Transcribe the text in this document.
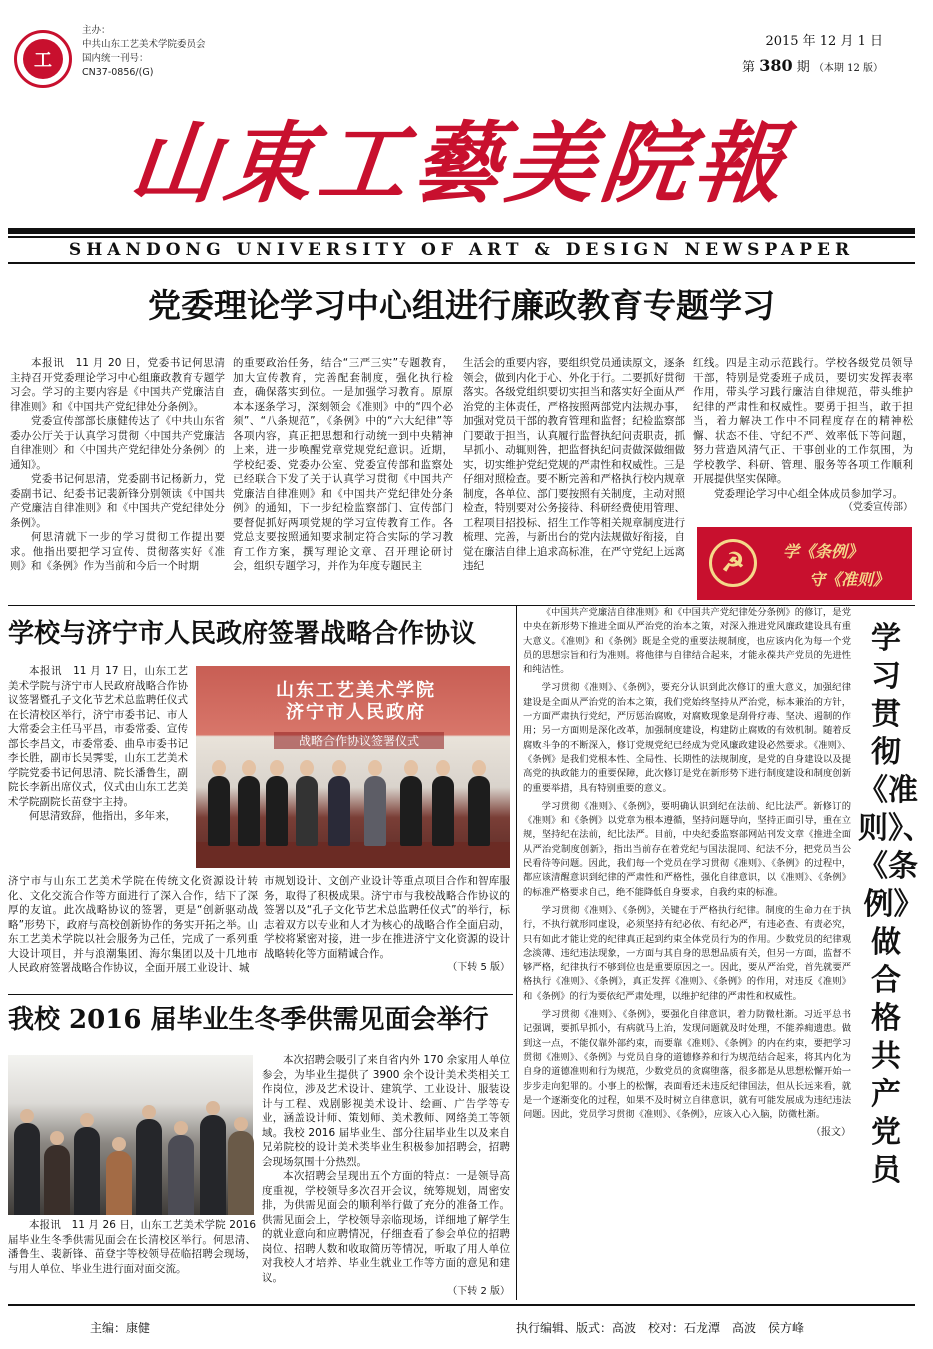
工
主办：
中共山东工艺美术学院委员会
国内统一刊号：
CN37-0856/(G)
2015 年 12 月 1 日
第 380 期 （本期 12 版）
山東工藝美院報
SHANDONG UNIVERSITY OF ART & DESIGN NEWSPAPER
党委理论学习中心组进行廉政教育专题学习

本报讯　11 月 20 日，党委书记何思清主持召开党委理论学习中心组廉政教育专题学习会。学习的主要内容是《中国共产党廉洁自律准则》和《中国共产党纪律处分条例》。

党委宣传部部长康健传达了《中共山东省委办公厅关于认真学习贯彻〈中国共产党廉洁自律准则〉和〈中国共产党纪律处分条例〉的通知》。

党委书记何思清，党委副书记杨新力，党委副书记、纪委书记裴新锋分别领读《中国共产党廉洁自律准则》和《中国共产党纪律处分条例》。

何思清就下一步的学习贯彻工作提出要求。他指出要把学习宣传、贯彻落实好《准则》和《条例》作为当前和今后一个时期

的重要政治任务，结合“三严三实”专题教育，加大宣传教育，完善配套制度，强化执行检查，确保落实到位。一是加强学习教育。原原本本逐条学习，深刻领会《准则》中的“四个必须”、“八条规范”，《条例》中的“六大纪律”等各项内容，真正把思想和行动统一到中央精神上来，进一步唤醒党章党规党纪意识。近期，学校纪委、党委办公室、党委宣传部和监察处已经联合下发了关于认真学习贯彻《中国共产党廉洁自律准则》和《中国共产党纪律处分条例》的通知，下一步纪检监察部门、宣传部门要督促抓好两项党规的学习宣传教育工作。各党总支要按照通知要求制定符合实际的学习教育工作方案，撰写理论文章、召开理论研讨会，组织专题学习，并作为年度专题民主
生活会的重要内容，要组织党员通读原文，逐条领会，做到内化于心、外化于行。二要抓好贯彻落实。各级党组织要切实担当和落实好全面从严治党的主体责任，严格按照两部党内法规办事，加强对党员干部的教育管理和监督；纪检监察部门要敢于担当，认真履行监督执纪问责职责，抓早抓小、动辄则咎，把监督执纪问责做深做细做实，切实维护党纪党规的严肃性和权威性。三是仔细对照检查。要不断完善和严格执行校内规章制度，各单位、部门要按照有关制度，主动对照检查，特别要对公务接待、科研经费使用管理、工程项目招投标、招生工作等相关规章制度进行梳理、完善，与新出台的党内法规做好衔接，自觉在廉洁自律上追求高标准，在严守党纪上远离违纪
红线。四是主动示范践行。学校各级党员领导干部，特别是党委班子成员，要切实发挥表率作用，带头学习践行廉洁自律规范，带头维护纪律的严肃性和权威性。要勇于担当，敢于担当，着力解决工作中不同程度存在的精神松懈、状态不佳、守纪不严、效率低下等问题，努力营造风清气正、干事创业的工作氛围，为学校教学、科研、管理、服务等各项工作顺利开展提供坚实保障。

党委理论学习中心组全体成员参加学习。

（党委宣传部）
☭	学《条例》
守《准则》
学校与济宁市人民政府签署战略合作协议

本报讯　11 月 17 日，山东工艺美术学院与济宁市人民政府战略合作协议签署暨孔子文化节艺术总监聘任仪式在长清校区举行，济宁市委书记、市人大常委会主任马平昌，市委常委、宣传部长李昌文，市委常委、曲阜市委书记李长胜，副市长吴霁雯，山东工艺美术学院党委书记何思清、院长潘鲁生，副院长李新出席仪式，仪式由山东工艺美术学院副院长苗登宇主持。

何思清致辞，他指出，多年来，

山东工艺美术学院
济宁市人民政府
战略合作协议签署仪式
济宁市与山东工艺美术学院在传统文化资源设计转化、文化交流合作等方面进行了深入合作，结下了深厚的友谊。此次战略协议的签署，更是“创新驱动战略”形势下，政府与高校创新协作的务实开拓之举。山东工艺美术学院以社会服务为己任，完成了一系列重大设计项目，并与浪潮集团、海尔集团以及十几地市人民政府签署战略合作协议，全面开展工业设计、城
市规划设计、文创产业设计等重点项目合作和智库服务，取得了积极成果。济宁市与我校战略合作协议的签署以及“孔子文化节艺术总监聘任仪式”的举行，标志着双方以专业和人才为核心的战略合作全面启动，学校将紧密对接，进一步在推进济宁文化资源的设计战略转化等方面精诚合作。
（下转 5 版）
我校 2016 届毕业生冬季供需见面会举行

本报讯　11 月 26 日，山东工艺美术学院 2016 届毕业生冬季供需见面会在长清校区举行。何思清、潘鲁生、裴新锋、苗登宇等校领导莅临招聘会现场，与用人单位、毕业生进行面对面交流。

本次招聘会吸引了来自省内外 170 余家用人单位参会，为毕业生提供了 3900 余个设计美术类相关工作岗位，涉及艺术设计、建筑学、工业设计、服装设计与工程、戏剧影视美术设计、绘画、广告学等专业，涵盖设计师、策划师、美术教师、网络美工等领域。我校 2016 届毕业生、部分往届毕业生以及来自兄弟院校的设计美术类毕业生积极参加招聘会，招聘会现场氛围十分热烈。

本次招聘会呈现出五个方面的特点：一是领导高度重视，学校领导多次召开会议，统筹规划，周密安排，为供需见面会的顺利举行做了充分的准备工作。供需见面会上，学校领导亲临现场，详细地了解学生的就业意向和应聘情况，仔细查看了参会单位的招聘岗位、招聘人数和收取简历等情况，听取了用人单位对我校人才培养、毕业生就业工作等方面的意见和建议。

（下转 2 版）

《中国共产党廉洁自律准则》和《中国共产党纪律处分条例》的修订，是党中央在新形势下推进全面从严治党的治本之策，对深入推进党风廉政建设具有重大意义。《准则》和《条例》既是全党的重要法规制度，也应该内化为每一个党员的思想宗旨和行为准则。将他律与自律结合起来，才能永葆共产党员的先进性和纯洁性。

学习贯彻《准则》、《条例》，要充分认识到此次修订的重大意义，加强纪律建设是全面从严治党的治本之策，我们党始终坚持从严治党，标本兼治的方针，一方面严肃执行党纪，严厉惩治腐败，对腐败现象是刮骨疗毒、坚决、遏制的作用；另一方面则是深化改革，加强制度建设，构建防止腐败的有效机制。随着反腐败斗争的不断深入，修订党规党纪已经成为党风廉政建设必然要求。《准则》、《条例》是我们党根本性、全局性、长期性的法规制度，是党的自身建设以及提高党的执政能力的重要保障，此次修订是党在新形势下进行制度建设和制度创新的重要举措，具有特别重要的意义。

学习贯彻《准则》、《条例》，要明确认识到纪在法前、纪比法严。新修订的《准则》和《条例》以党章为根本遵循，坚持问题导向，坚持正面引导，重在立规，坚持纪在法前，纪比法严。目前，中央纪委监察部网站刊发文章《推进全面从严治党制度创新》，指出当前存在着党纪与国法混同、纪法不分，把党员当公民看待等问题。因此，我们每一个党员在学习贯彻《准则》、《条例》的过程中，都应该清醒意识到纪律的严肃性和严格性，强化自律意识，以《准则》、《条例》的标准严格要求自己，绝不能降低自身要求，自我约束的标准。

学习贯彻《准则》、《条例》，关键在于严格执行纪律。制度的生命力在于执行，不执行就形同虚设，必须坚持有纪必依、有纪必严，有违必查、有责必究，只有如此才能让党的纪律真正起到约束全体党员行为的作用。少数党员的纪律观念淡薄、违纪违法现象，一方面与其自身的思想品质有关，但另一方面，监督不够严格，纪律执行不够到位也是重要原因之一。因此，要从严治党，首先就要严格执行《准则》、《条例》，真正发挥《准则》、《条例》的作用，对违反《准则》和《条例》的行为要依纪严肃处理，以维护纪律的严肃性和权威性。

学习贯彻《准则》、《条例》，要强化自律意识，着力防微杜渐。习近平总书记强调，要抓早抓小，有病就马上治，发现问题就及时处理，不能养痈遗患。做到这一点，不能仅靠外部约束，而要靠《准则》、《条例》的内在约束，要把学习贯彻《准则》、《条例》与党员自身的道德修养和行为规范结合起来，将其内化为自身的道德准则和行为规范，少数党员的贪腐堕落，很多都是从思想松懈开始一步步走向犯罪的。小事上的松懈，表面看还未违反纪律国法，但从长远来看，就是一个逐渐变化的过程，如果不及时树立自律意识，就有可能发展成为违纪违法问题。因此，党员学习贯彻《准则》、《条例》，应该入心入脑，防微杜渐。

（报文）
学习贯彻《准则》、《条例》做合格共产党员
主编：康健	执行编辑、版式：高波　校对：石龙潭　高波　侯方峰
